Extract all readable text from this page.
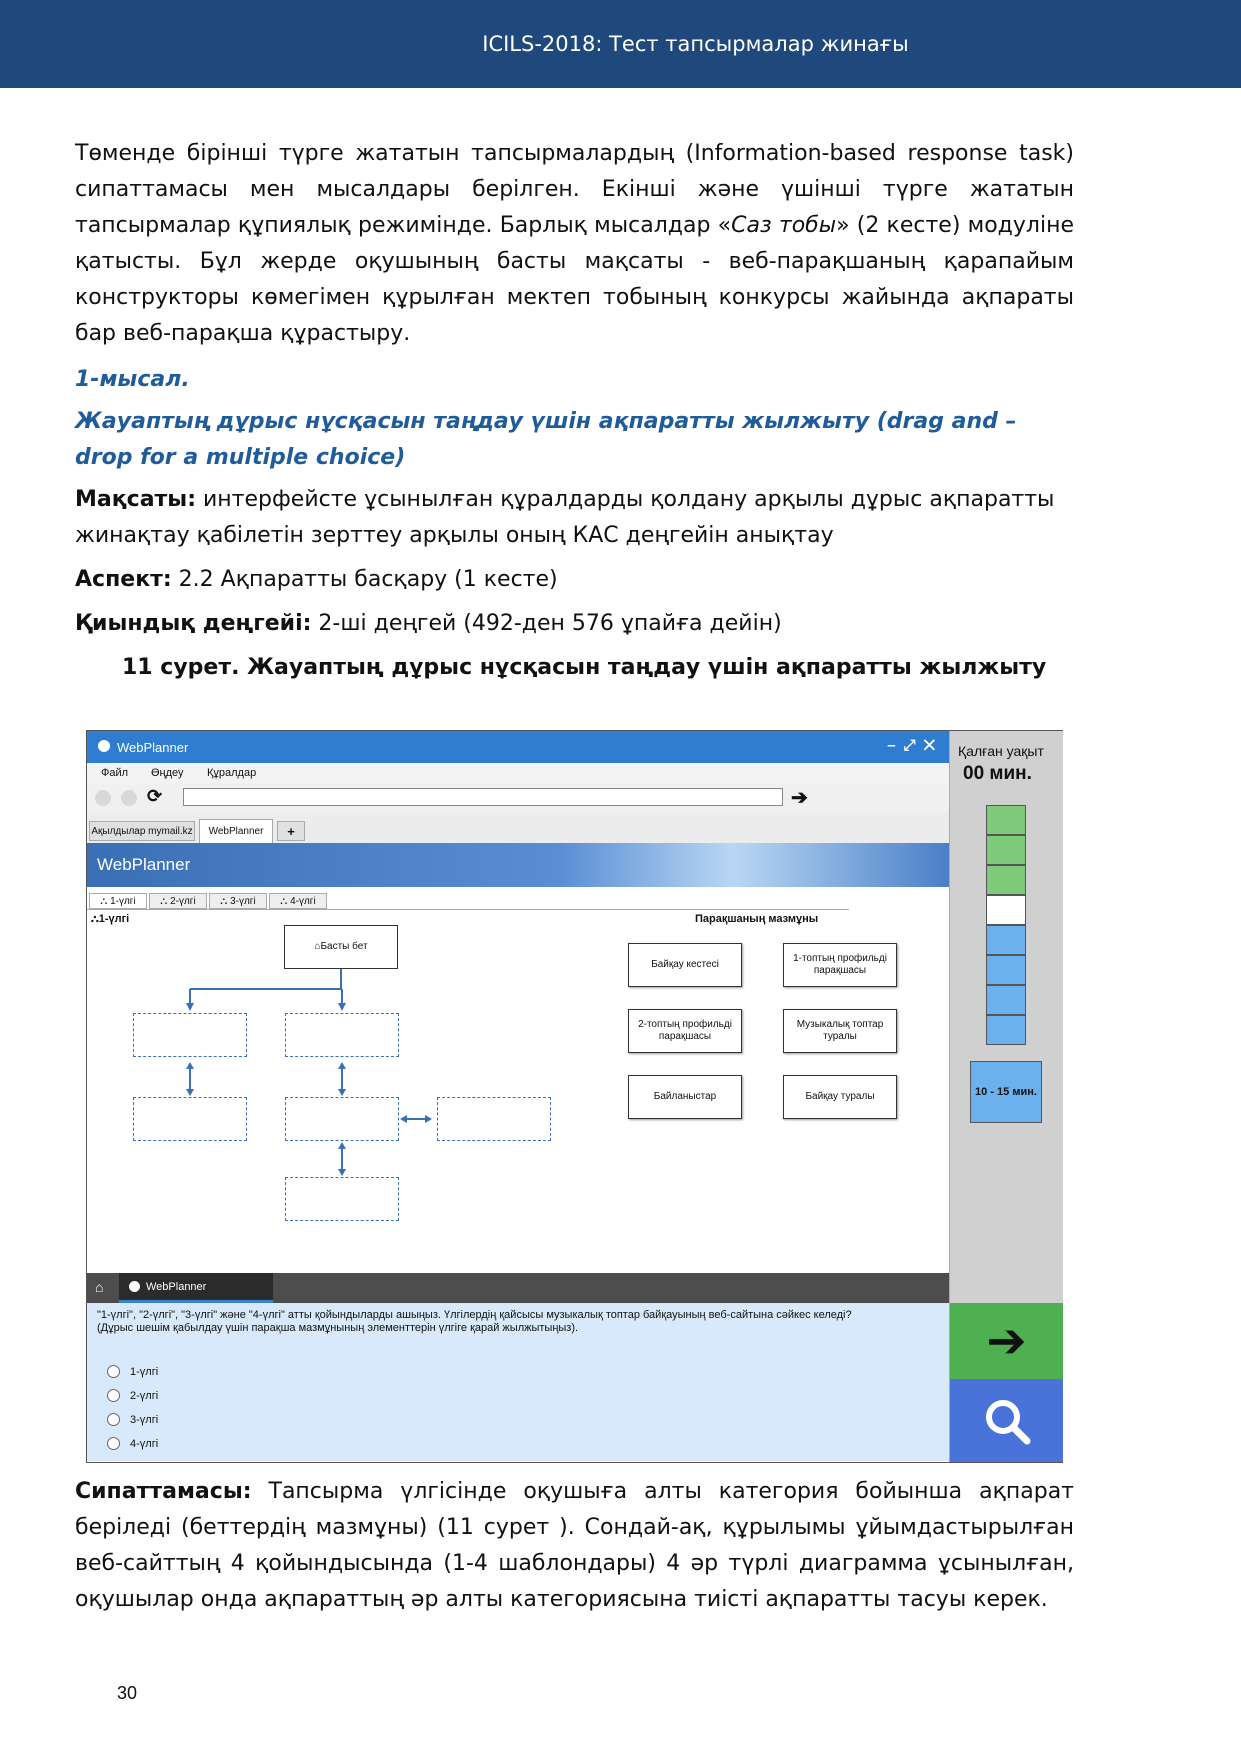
ICILS-2018: Тест тапсырмалар жинағы

Төменде бірінші түрге жататын тапсырмалардың (Information-based response task) сипаттамасы мен мысалдары берілген. Екінші және үшінші түрге жататын тапсырмалар құпиялық режимінде. Барлық мысалдар «Саз тобы» (2 кесте) модуліне қатысты. Бұл жерде оқушының басты мақсаты - веб-парақшаның қарапайым конструкторы көмегімен құрылған мектеп тобының конкурсы жайында ақпараты бар веб-парақша құрастыру.

1-мысал.

Жауаптың дұрыс нұсқасын таңдау үшін ақпаратты жылжыту (drag and – drop for a multiple choice)

Мақсаты: интерфейсте ұсынылған құралдарды қолдану арқылы дұрыс ақпаратты жинақтау қабілетін зерттеу арқылы оның КАС деңгейін анықтау

Аспект: 2.2 Ақпаратты басқару (1 кесте)

Қиындық деңгейі: 2-ші деңгей (492-ден 576 ұпайға дейін)

11 сурет. Жауаптың дұрыс нұсқасын таңдау үшін ақпаратты жылжыту

WebPlanner	–⤢✕
Файл Өңдеу Құралдар
⟳	➔
Ақылдылар mymail.kz	WebPlanner	+
WebPlanner
⛬ 1-үлгі ⛬ 2-үлгі ⛬ 3-үлгі ⛬ 4-үлгі
⛬1-үлгі	Парақшаның мазмұны
⌂ Басты бет
Байқау кестесі
1-топтың профильді парақшасы
2-топтың профильді парақшасы
Музыкалық топтар туралы
Байланыстар	Байқау туралы
⌂	WebPlanner
"1-үлгі", "2-үлгі", "3-үлгі" және "4-үлгі" атты қойындыларды ашыңыз. Үлгілердің қайсысы музыкалық топтар байқауының веб-сайтына сәйкес келеді?
(Дұрыс шешім қабылдау үшін парақша мазмұнының элементтерін үлгіге қарай жылжытыңыз).
1-үлгі
2-үлгі
3-үлгі
4-үлгі
Қалған уақыт
00 мин.
10 - 15 мин.
➔
Сипаттамасы: Тапсырма үлгісінде оқушыға алты категория бойынша ақпарат беріледі (беттердің мазмұны) (11 сурет ). Сондай-ақ, құрылымы ұйымдастырылған веб-сайттың 4 қойындысында (1-4 шаблондары) 4 әр түрлі диаграмма ұсынылған, оқушылар онда ақпараттың әр алты категориясына тиісті ақпаратты тасуы керек.
30
